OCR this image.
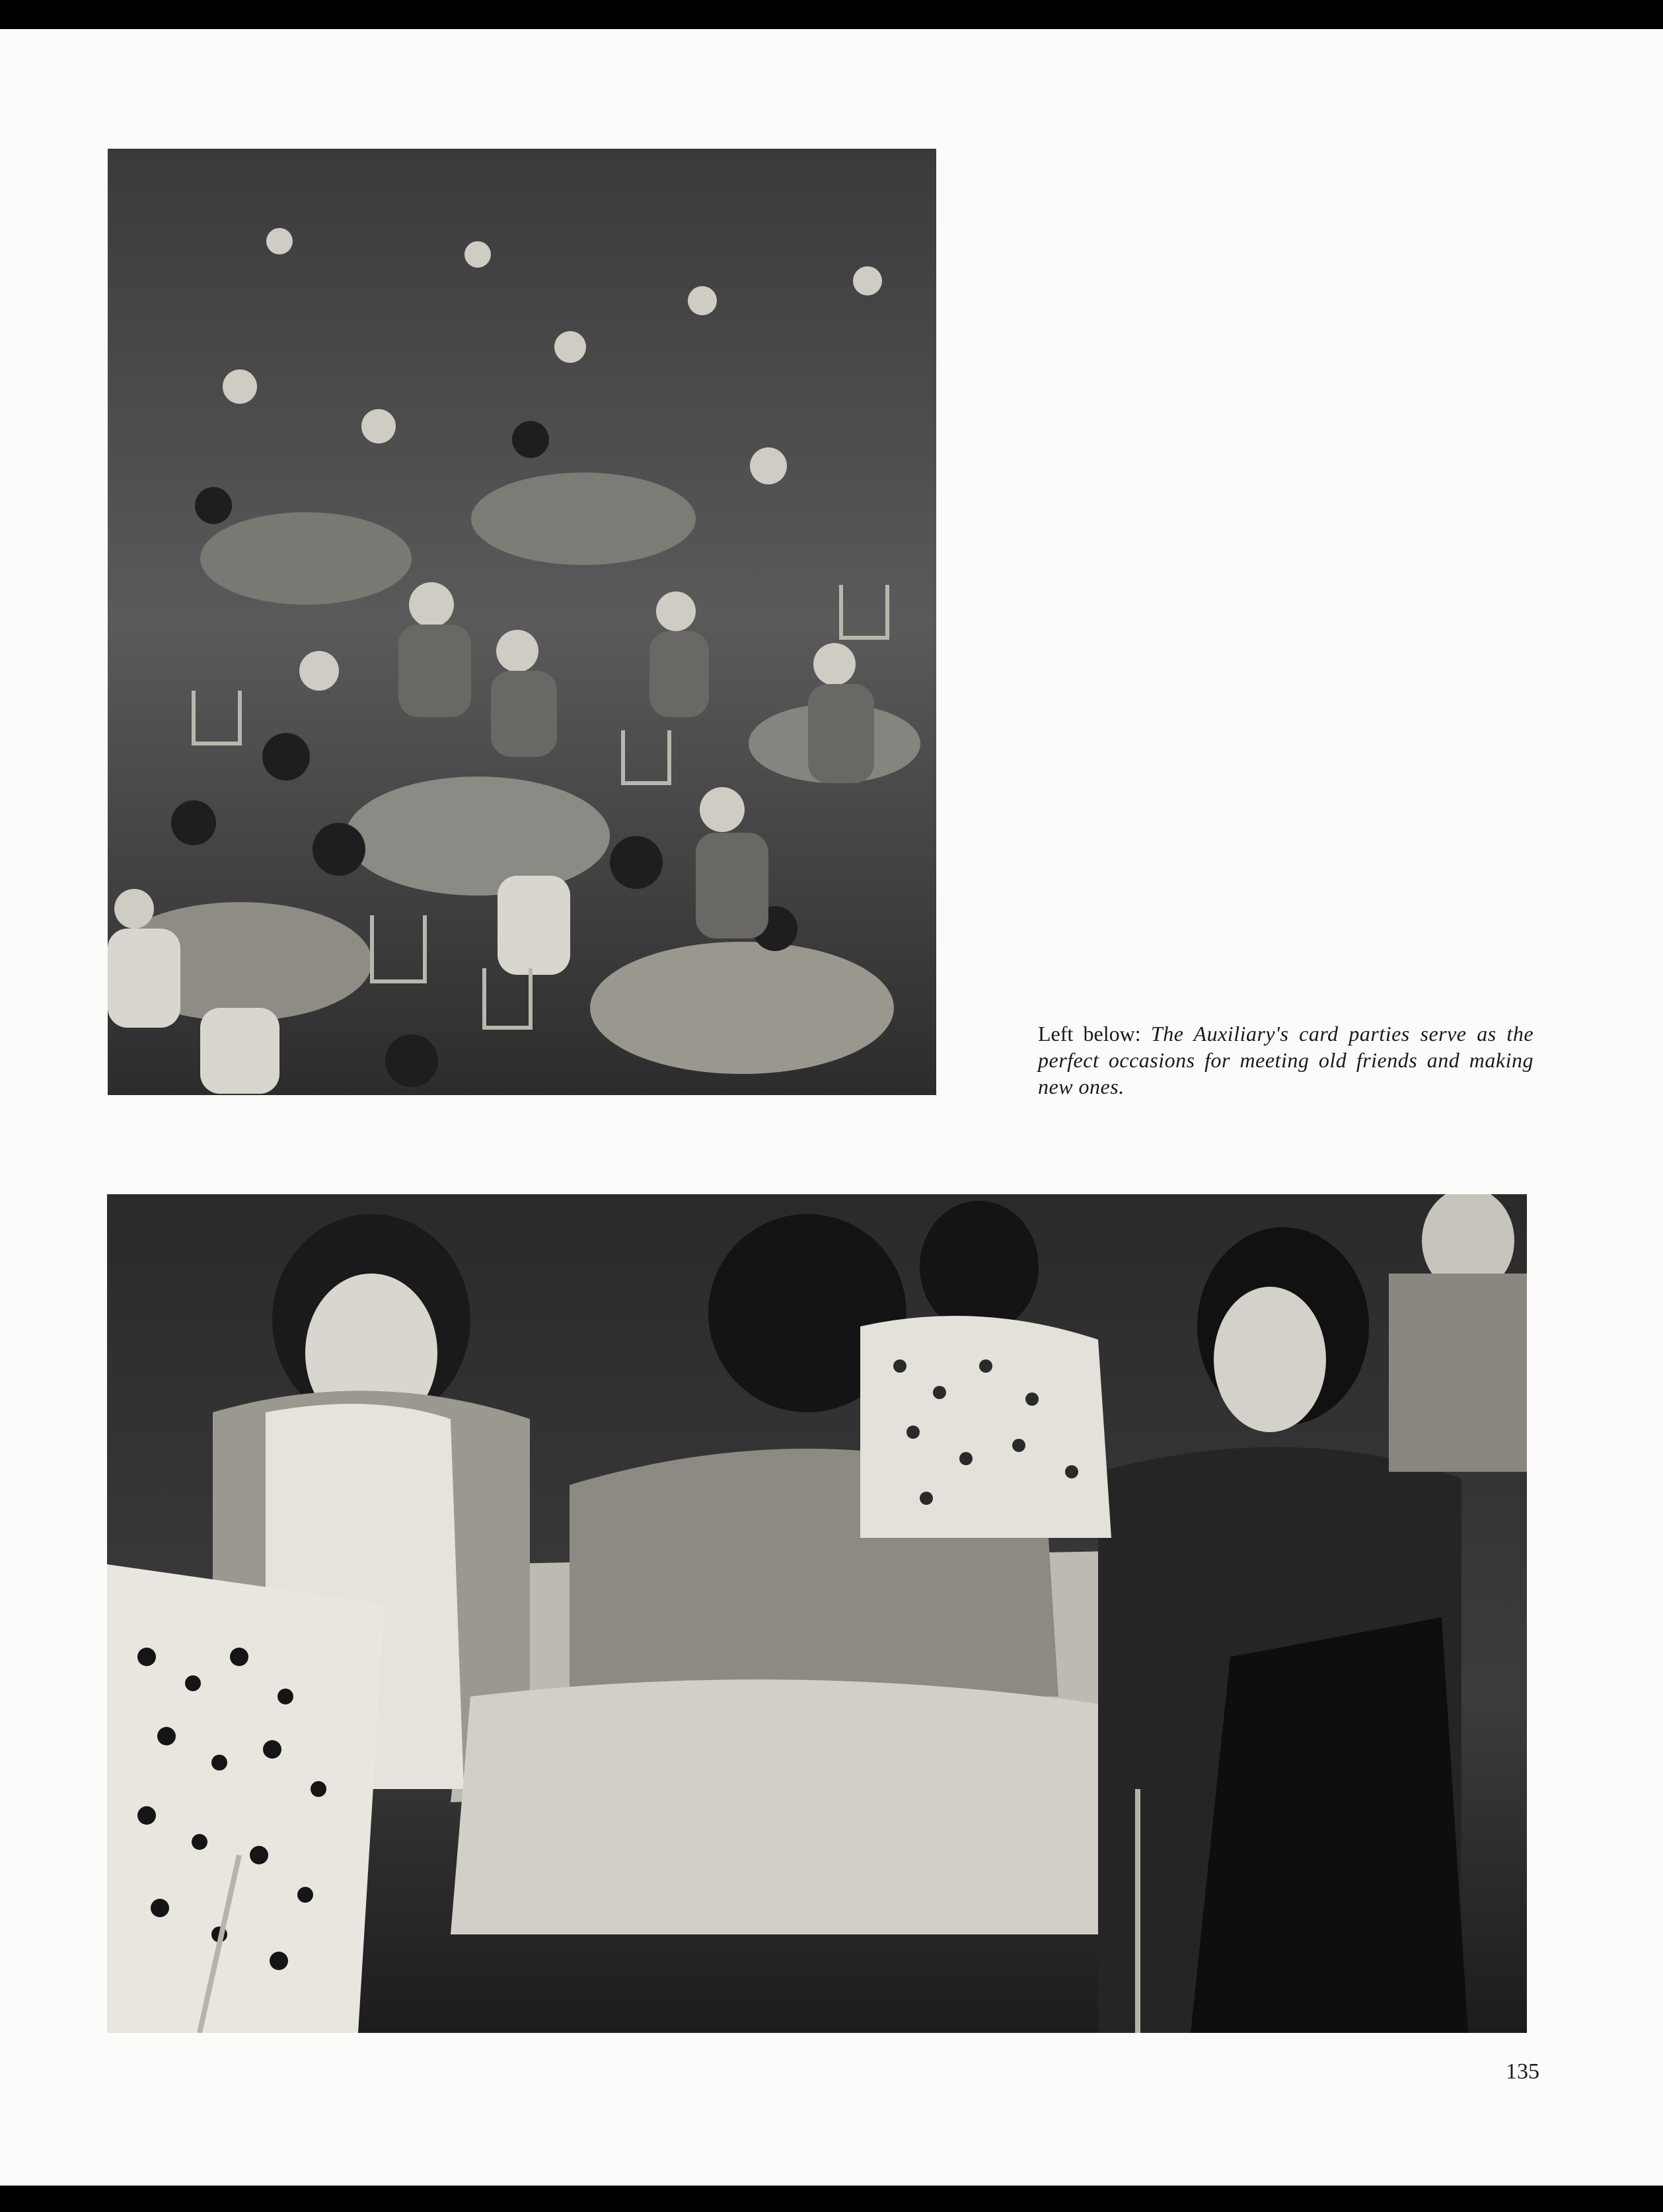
Left below: The Auxiliary's card parties serve as the perfect occasions for meeting old friends and making new ones.
135
